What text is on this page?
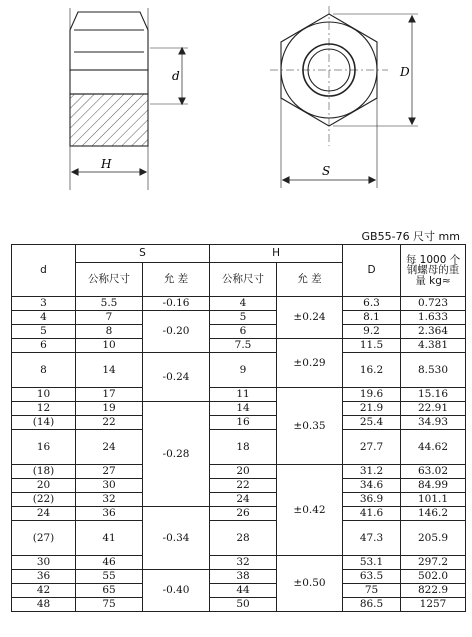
d
H	S
D
GB55-76 尺寸 mm
d	S		H		D	每 1000 个
钢螺母的重
量 kg≈
	公称尺寸	允 差	公称尺寸	允 差		
3	5.5	-0.16	4	±0.24	6.3	0.723
4	7	-0.20	5		8.1	1.633
5	8		6		9.2	2.364
6	10		7.5	±0.29	11.5	4.381
8	14	-0.24	9		16.2	8.530
10	17		11	±0.35	19.6	15.16
12	19	-0.28	14		21.9	22.91
(14)	22		16		25.4	34.93
16	24		18		27.7	44.62
(18)	27		20	±0.42	31.2	63.02
20	30		22		34.6	84.99
(22)	32		24		36.9	101.1
24	36	-0.34	26		41.6	146.2
(27)	41		28		47.3	205.9
30	46		32	±0.50	53.1	297.2
36	55	-0.40	38		63.5	502.0
42	65		44		75	822.9
48	75		50		86.5	1257
